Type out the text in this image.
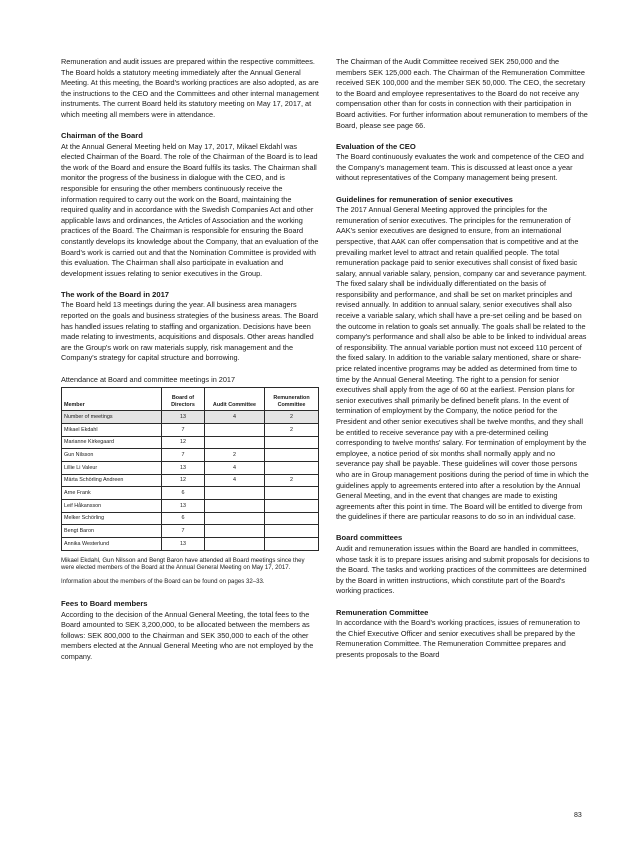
Remuneration and audit issues are prepared within the respective committees. The Board holds a statutory meeting immediately after the Annual General Meeting. At this meeting, the Board's working practices are also adopted, as are the instructions to the CEO and the Committees and other internal management instruments. The current Board held its statutory meeting on May 17, 2017, at which meeting all members were in attendance.

Chairman of the Board

At the Annual General Meeting held on May 17, 2017, Mikael Ekdahl was elected Chairman of the Board. The role of the Chairman of the Board is to lead the work of the Board and ensure the Board fulfils its tasks. The Chairman shall monitor the progress of the business in dialogue with the CEO, and is responsible for ensuring the other members continuously receive the information required to carry out the work on the Board, maintaining the required quality and in accordance with the Swedish Companies Act and other applicable laws and ordinances, the Articles of Association and the working practices of the Board. The Chairman is responsible for ensuring the Board constantly develops its knowledge about the Company, that an evaluation of the Board's work is carried out and that the Nomination Committee is provided with this evaluation. The Chairman shall also participate in evaluation and development issues relating to senior executives in the Group.

The work of the Board in 2017

The Board held 13 meetings during the year. All business area managers reported on the goals and business strategies of the business areas. The Board has handled issues relating to staffing and organization. Decisions have been made relating to investments, acquisitions and disposals. Other areas handled are the Group's work on raw materials supply, risk management and the Company's strategy for capital structure and borrowing.

Attendance at Board and committee meetings in 2017

Member	Board of Directors	Audit Committee	Remuneration Committee
Number of meetings	13	4	2
Mikael Ekdahl	7		2
Marianne Kirkegaard	12		
Gun Nilsson	7	2	
Lillie Li Valeur	13	4	
Märta Schörling Andreen	12	4	2
Arne Frank	6		
Leif Håkansson	13		
Melker Schörling	6		
Bengt Baron	7		
Annika Westerlund	13		

Mikael Ekdahl, Gun Nilsson and Bengt Baron have attended all Board meetings since they were elected members of the Board at the Annual General Meeting on May 17, 2017.

Information about the members of the Board can be found on pages 32–33.

Fees to Board members

According to the decision of the Annual General Meeting, the total fees to the Board amounted to SEK 3,200,000, to be allocated between the members as follows: SEK 800,000 to the Chairman and SEK 350,000 to each of the other members elected at the Annual General Meeting who are not employed by the company.

The Chairman of the Audit Committee received SEK 250,000 and the members SEK 125,000 each. The Chairman of the Remuneration Committee received SEK 100,000 and the member SEK 50,000. The CEO, the secretary to the Board and employee representatives to the Board do not receive any compensation other than for costs in connection with their participation in Board activities. For further information about remuneration to members of the Board, please see page 66.

Evaluation of the CEO

The Board continuously evaluates the work and competence of the CEO and the Company's management team. This is discussed at least once a year without representatives of the Company management being present.

Guidelines for remuneration of senior executives

The 2017 Annual General Meeting approved the principles for the remuneration of senior executives. The principles for the remuneration of AAK's senior executives are designed to ensure, from an international perspective, that AAK can offer compensation that is competitive and at the prevailing market level to attract and retain qualified people. The total remuneration package paid to senior executives shall consist of fixed basic salary, annual variable salary, pension, company car and severance payment. The fixed salary shall be individually differentiated on the basis of responsibility and performance, and shall be set on market principles and revised annually. In addition to annual salary, senior executives shall also receive a variable salary, which shall have a pre-set ceiling and be based on the outcome in relation to goals set annually. The goals shall be related to the company's performance and shall also be able to be linked to individual areas of responsibility. The annual variable portion must not exceed 110 percent of the fixed salary. In addition to the variable salary mentioned, share or share-price related incentive programs may be added as determined from time to time by the Annual General Meeting. The right to a pension for senior executives shall apply from the age of 60 at the earliest. Pension plans for senior executives shall primarily be defined benefit plans. In the event of termination of employment by the Company, the notice period for the President and other senior executives shall be twelve months, and they shall be entitled to receive severance pay with a pre-determined ceiling corresponding to twelve months' salary. For termination of employment by the employee, a notice period of six months shall normally apply and no severance pay shall be payable. These guidelines will cover those persons who are in Group management positions during the period of time in which the guidelines apply to agreements entered into after a resolution by the Annual General Meeting, and in the event that changes are made to existing agreements after this point in time. The Board will be entitled to diverge from the guidelines if there are particular reasons to do so in an individual case.

Board committees

Audit and remuneration issues within the Board are handled in committees, whose task it is to prepare issues arising and submit proposals for decisions to the Board. The tasks and working practices of the committees are determined by the Board in written instructions, which constitute part of the Board's working practices.

Remuneration Committee

In accordance with the Board's working practices, issues of remuneration to the Chief Executive Officer and senior executives shall be prepared by the Remuneration Committee. The Remuneration Committee prepares and presents proposals to the Board

83
